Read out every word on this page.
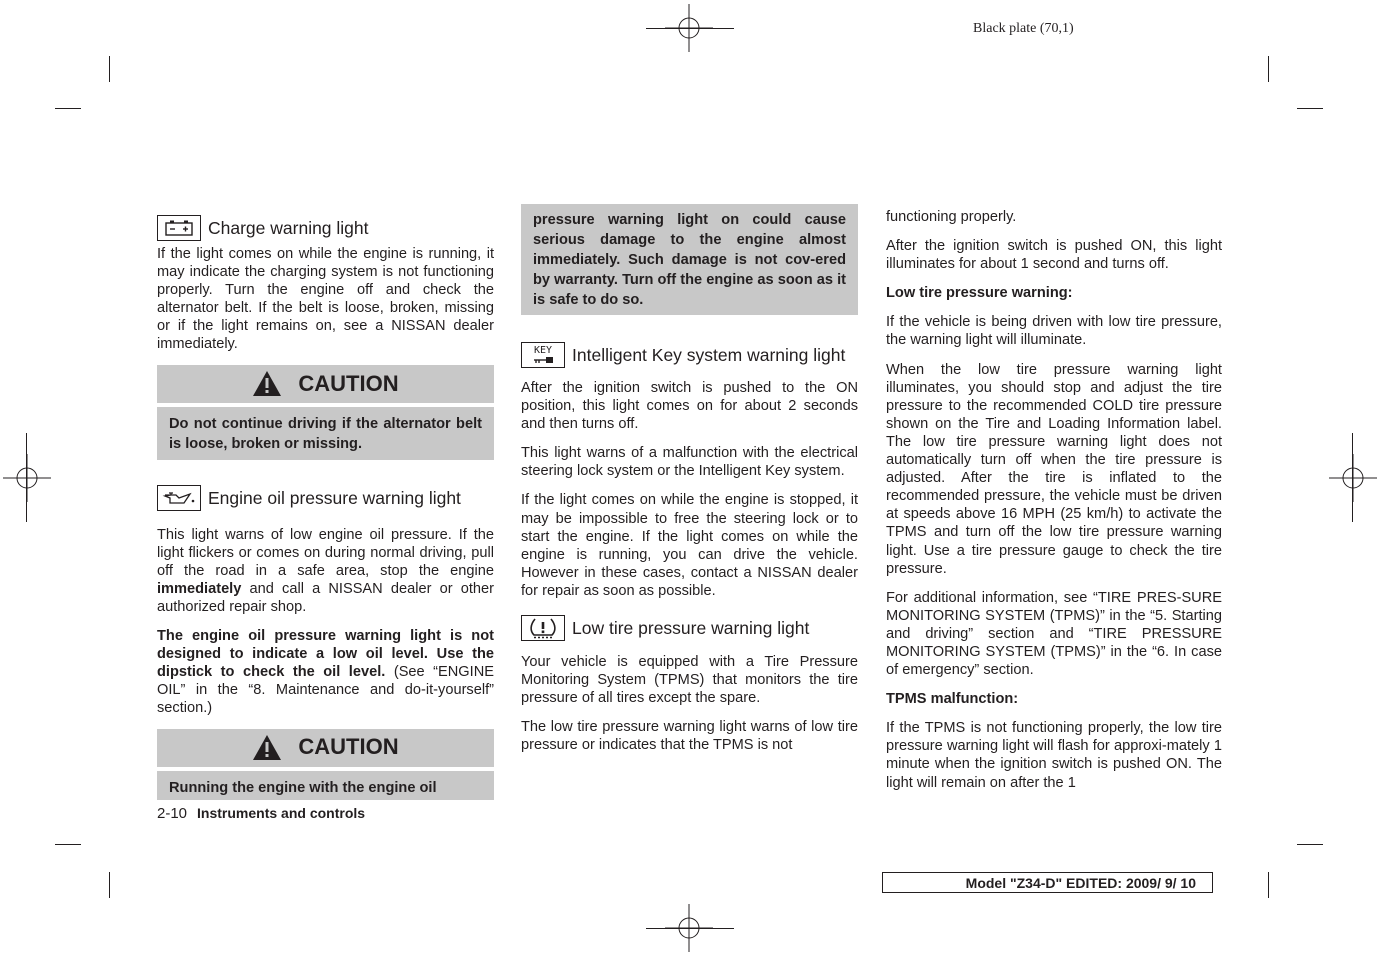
Black plate (70,1)
Charge warning light

If the light comes on while the engine is running, it may indicate the charging system is not functioning properly. Turn the engine off and check the alternator belt. If the belt is loose, broken, missing or if the light remains on, see a NISSAN dealer immediately.

CAUTION
Do not continue driving if the alternator belt is loose, broken or missing.
Engine oil pressure warning light

This light warns of low engine oil pressure. If the light flickers or comes on during normal driving, pull off the road in a safe area, stop the engine immediately and call a NISSAN dealer or other authorized repair shop.

The engine oil pressure warning light is not designed to indicate a low oil level. Use the dipstick to check the oil level. (See “ENGINE OIL” in the “8. Maintenance and do-it-yourself” section.)

CAUTION
Running the engine with the engine oil
pressure warning light on could cause serious damage to the engine almost immediately. Such damage is not cov-ered by warranty. Turn off the engine as soon as it is safe to do so.
KEY Intelligent Key system warning light

After the ignition switch is pushed to the ON position, this light comes on for about 2 seconds and then turns off.

This light warns of a malfunction with the electrical steering lock system or the Intelligent Key system.

If the light comes on while the engine is stopped, it may be impossible to free the steering lock or to start the engine. If the light comes on while the engine is running, you can drive the vehicle. However in these cases, contact a NISSAN dealer for repair as soon as possible.

Low tire pressure warning light

Your vehicle is equipped with a Tire Pressure Monitoring System (TPMS) that monitors the tire pressure of all tires except the spare.

The low tire pressure warning light warns of low tire pressure or indicates that the TPMS is not

functioning properly.

After the ignition switch is pushed ON, this light illuminates for about 1 second and turns off.

Low tire pressure warning:

If the vehicle is being driven with low tire pressure, the warning light will illuminate.

When the low tire pressure warning light illuminates, you should stop and adjust the tire pressure to the recommended COLD tire pressure shown on the Tire and Loading Information label. The low tire pressure warning light does not automatically turn off when the tire pressure is adjusted. After the tire is inflated to the recommended pressure, the vehicle must be driven at speeds above 16 MPH (25 km/h) to activate the TPMS and turn off the low tire pressure warning light. Use a tire pressure gauge to check the tire pressure.

For additional information, see “TIRE PRES-SURE MONITORING SYSTEM (TPMS)” in the “5. Starting and driving” section and “TIRE PRESSURE MONITORING SYSTEM (TPMS)” in the “6. In case of emergency” section.

TPMS malfunction:

If the TPMS is not functioning properly, the low tire pressure warning light will flash for approxi-mately 1 minute when the ignition switch is pushed ON. The light will remain on after the 1

2-10 Instruments and controls
Model "Z34-D" EDITED: 2009/ 9/ 10
